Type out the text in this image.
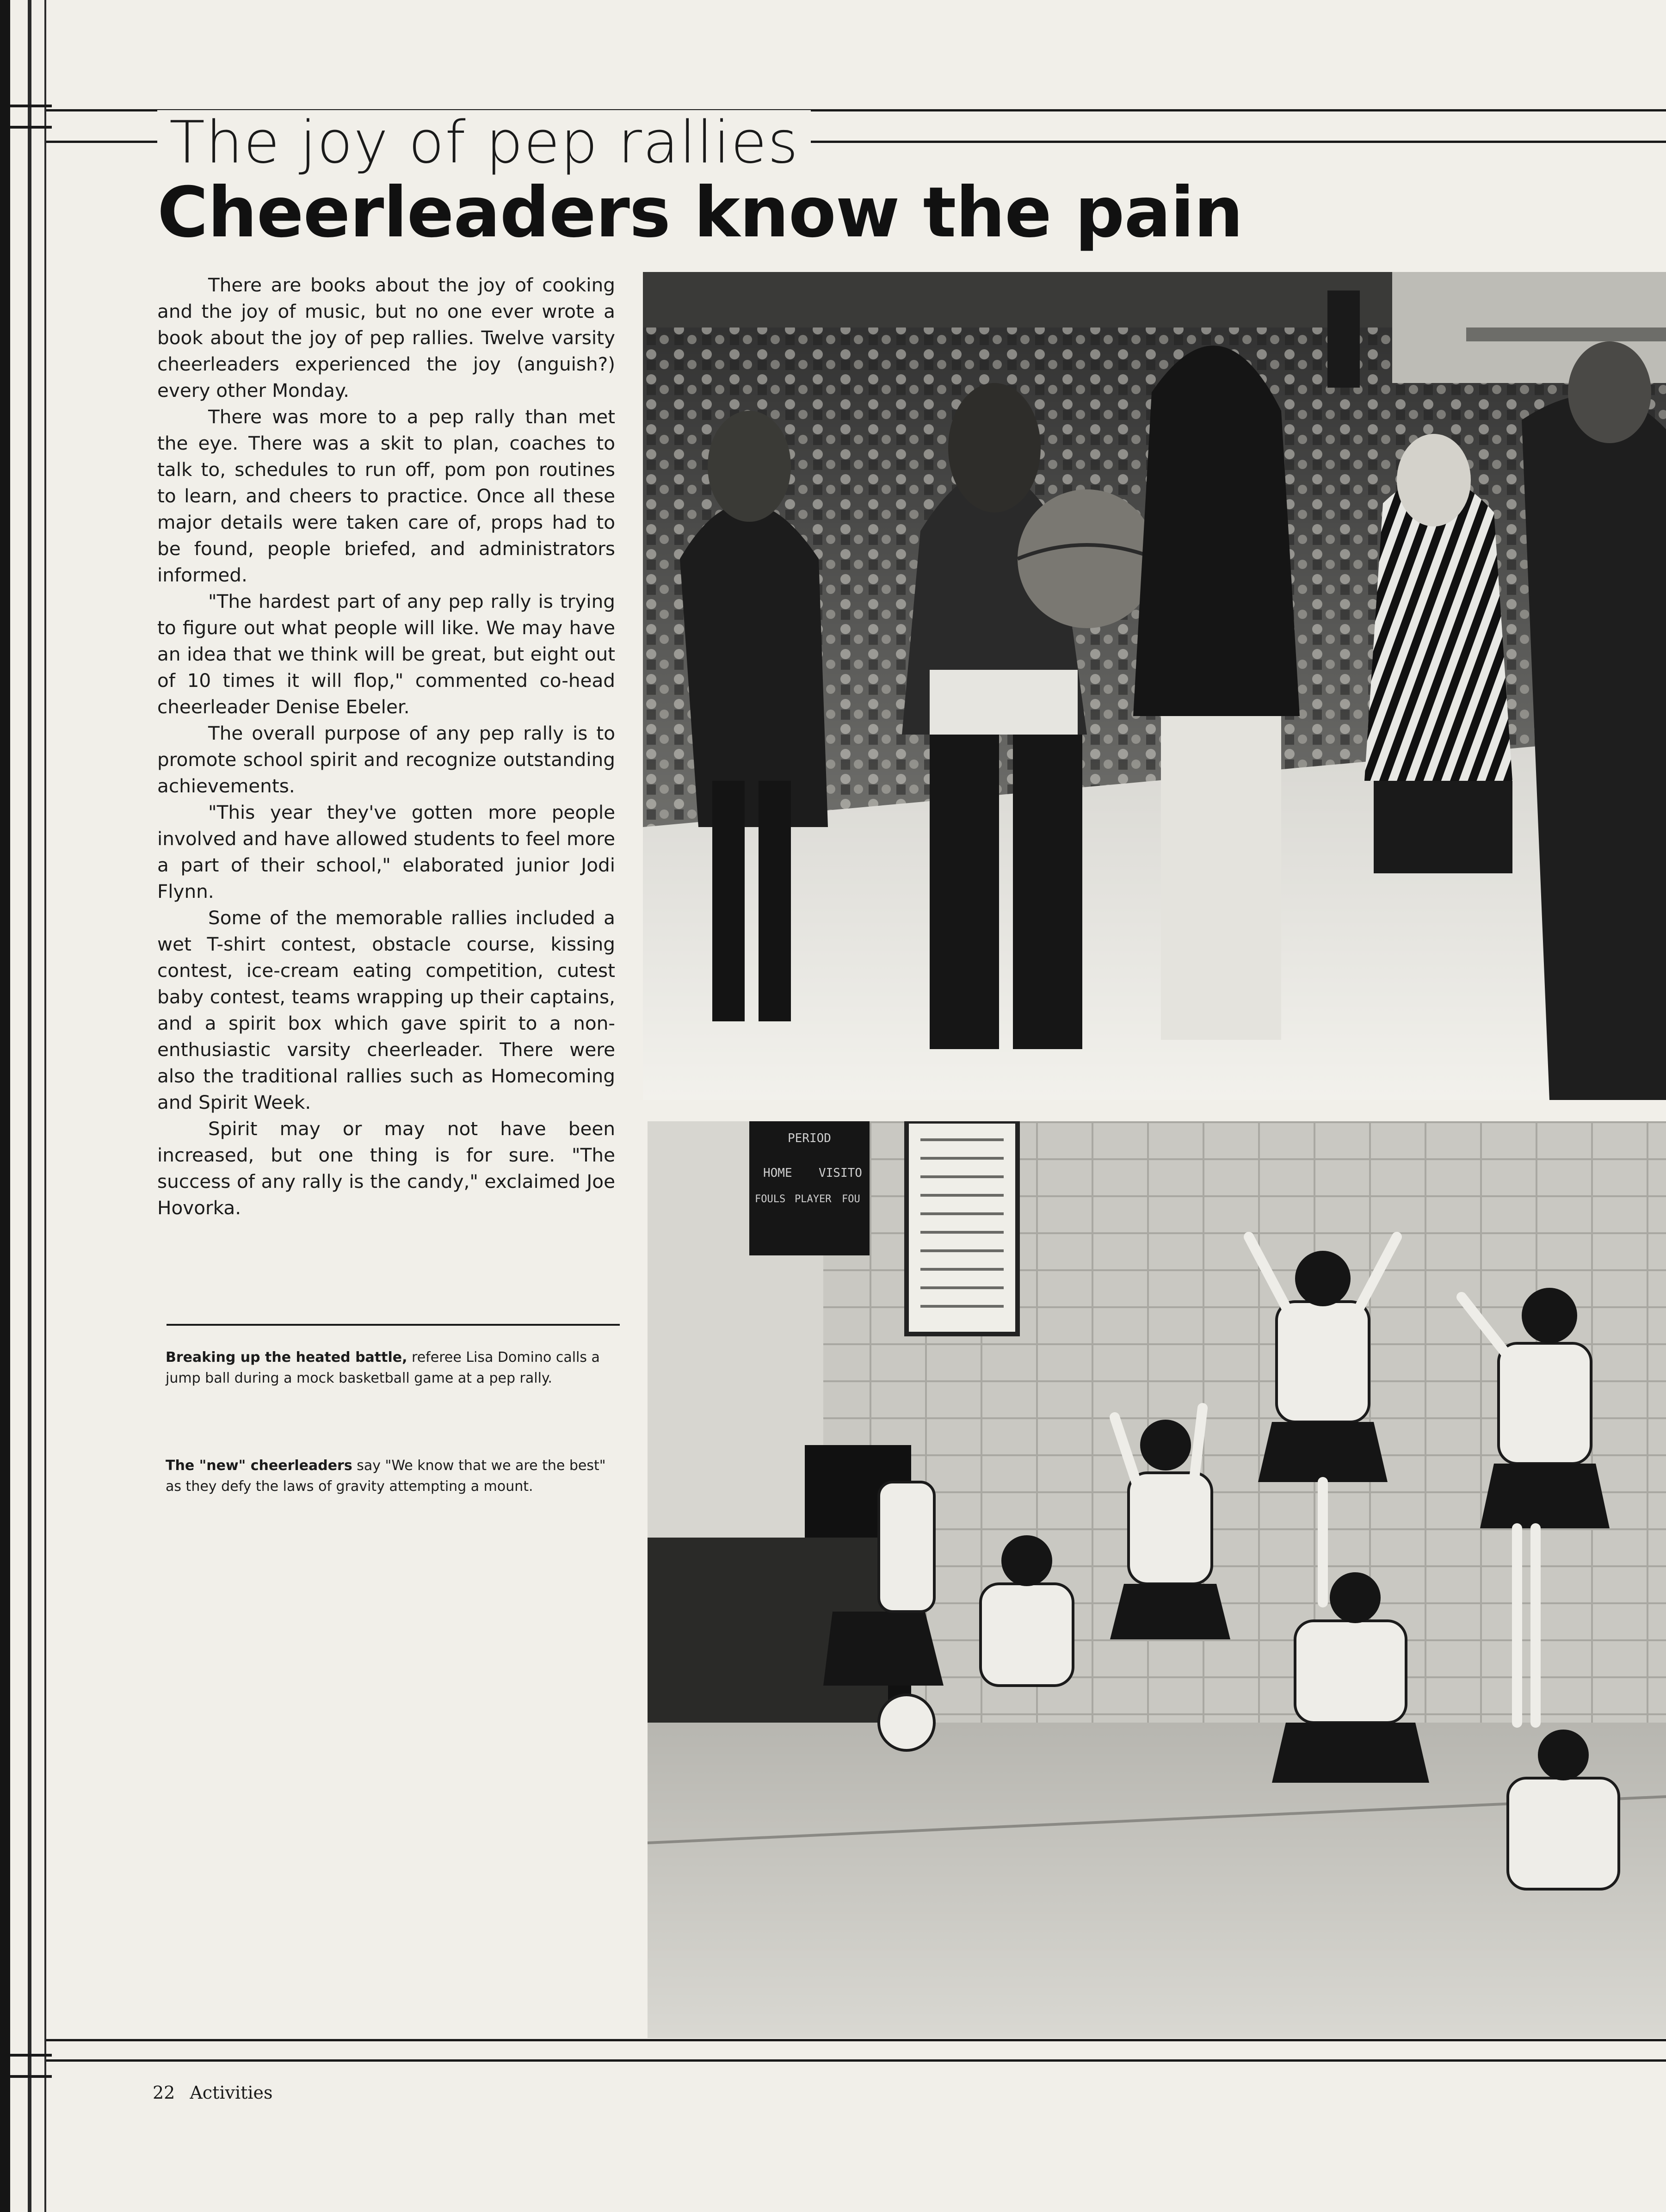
The joy of pep rallies
Cheerleaders know the pain

There are books about the joy of cooking and the joy of music, but no one ever wrote a book about the joy of pep rallies. Twelve varsity cheerleaders experienced the joy (anguish?) every other Monday.

There was more to a pep rally than met the eye. There was a skit to plan, coaches to talk to, schedules to run off, pom pon routines to learn, and cheers to practice. Once all these major details were taken care of, props had to be found, people briefed, and administrators informed.

"The hardest part of any pep rally is trying to figure out what people will like. We may have an idea that we think will be great, but eight out of 10 times it will flop," commented co-head cheerleader Denise Ebeler.

The overall purpose of any pep rally is to promote school spirit and recognize outstanding achievements.

"This year they've gotten more people involved and have allowed students to feel more a part of their school," elaborated junior Jodi Flynn.

Some of the memorable rallies included a wet T-shirt contest, obstacle course, kissing contest, ice-cream eating competition, cutest baby contest, teams wrapping up their captains, and a spirit box which gave spirit to a non-enthusiastic varsity cheerleader. There were also the traditional rallies such as Homecoming and Spirit Week.

Spirit may or may not have been increased, but one thing is for sure. "The success of any rally is the candy," exclaimed Joe Hovorka.

Breaking up the heated battle, referee Lisa Domino calls a jump ball during a mock basketball game at a pep rally.
The "new" cheerleaders say "We know that we are the best" as they defy the laws of gravity attempting a mount.
PERIOD
HOME VISITO
FOULS PLAYER FOU
22 Activities
